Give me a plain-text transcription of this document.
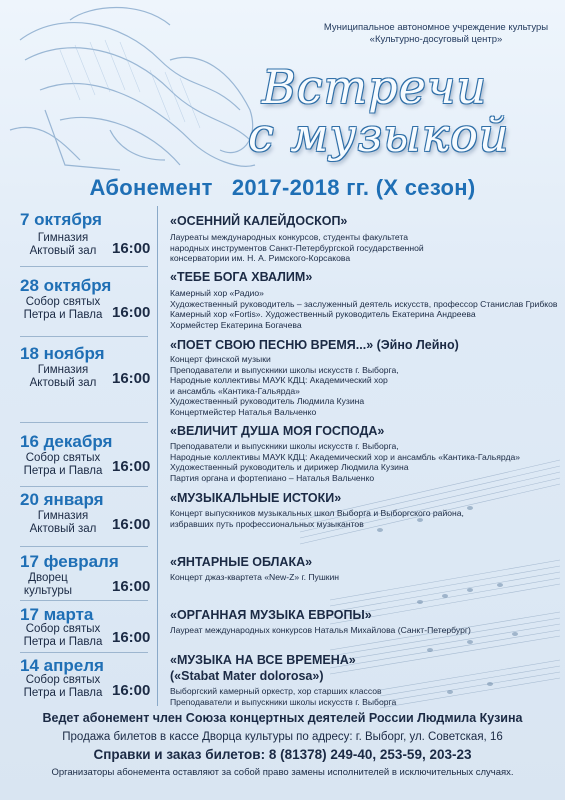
Муниципальное автономное учреждение культуры
«Культурно-досуговый центр»
Встречи
с музыкой
Абонемент   2017-2018 гг. (X сезон)
7 октября
Гимназия
Актовый зал	16:00
«ОСЕННИЙ КАЛЕЙДОСКОП»
Лауреаты международных конкурсов, студенты факультета
народных инструментов Санкт-Петербургской государственной
консерватории им. Н. А. Римского-Корсакова
28 октября
Собор святых
Петра и Павла 16:00
«ТЕБЕ БОГА ХВАЛИМ»
Камерный хор «Радио»
Художественный руководитель – заслуженный деятель искусств, профессор Станислав Грибков
Камерный хор «Fortis». Художественный руководитель Екатерина Андреева
Хормейстер Екатерина Богачева
18 ноября
Гимназия
Актовый зал	16:00
«ПОЕТ СВОЮ ПЕСНЮ ВРЕМЯ...» (Эйно Лейно)
Концерт финской музыки
Преподаватели и выпускники школы искусств г. Выборга,
Народные коллективы МАУК КДЦ: Академический хор
и ансамбль «Кантика-Гальярда»
Художественный руководитель Людмила Кузина
Концертмейстер Наталья Вальченко
16 декабря
Собор святых
Петра и Павла 16:00
«ВЕЛИЧИТ ДУША МОЯ ГОСПОДА»
Преподаватели и выпускники школы искусств г. Выборга,
Народные коллективы МАУК КДЦ: Академический хор и ансамбль «Кантика-Гальярда»
Художественный руководитель и дирижер Людмила Кузина
Партия органа и фортепиано – Наталья Вальченко
20 января
Гимназия
Актовый зал	16:00
«МУЗЫКАЛЬНЫЕ ИСТОКИ»
Концерт выпускников музыкальных школ Выборга и Выборгского района,
избравших путь профессиональных музыкантов
17 февраля
Дворец
культуры	16:00
«ЯНТАРНЫЕ ОБЛАКА»
Концерт джаз-квартета «New-Z» г. Пушкин
17 марта
Собор святых
Петра и Павла 16:00
«ОРГАННАЯ МУЗЫКА ЕВРОПЫ»
Лауреат международных конкурсов Наталья Михайлова (Санкт-Петербург)
14 апреля
Собор святых
Петра и Павла 16:00
«МУЗЫКА НА ВСЕ ВРЕМЕНА»
(«Stabat Mater dolorosa»)
Выборгский камерный оркестр, хор старших классов
Преподаватели и выпускники школы искусств г. Выборга
Ведет абонемент член Союза концертных деятелей России Людмила Кузина
Продажа билетов в кассе Дворца культуры по адресу: г. Выборг, ул. Советская, 16
Справки и заказ билетов: 8 (81378) 249-40, 253-59, 203-23
Организаторы абонемента оставляют за собой право замены исполнителей в исключительных случаях.
